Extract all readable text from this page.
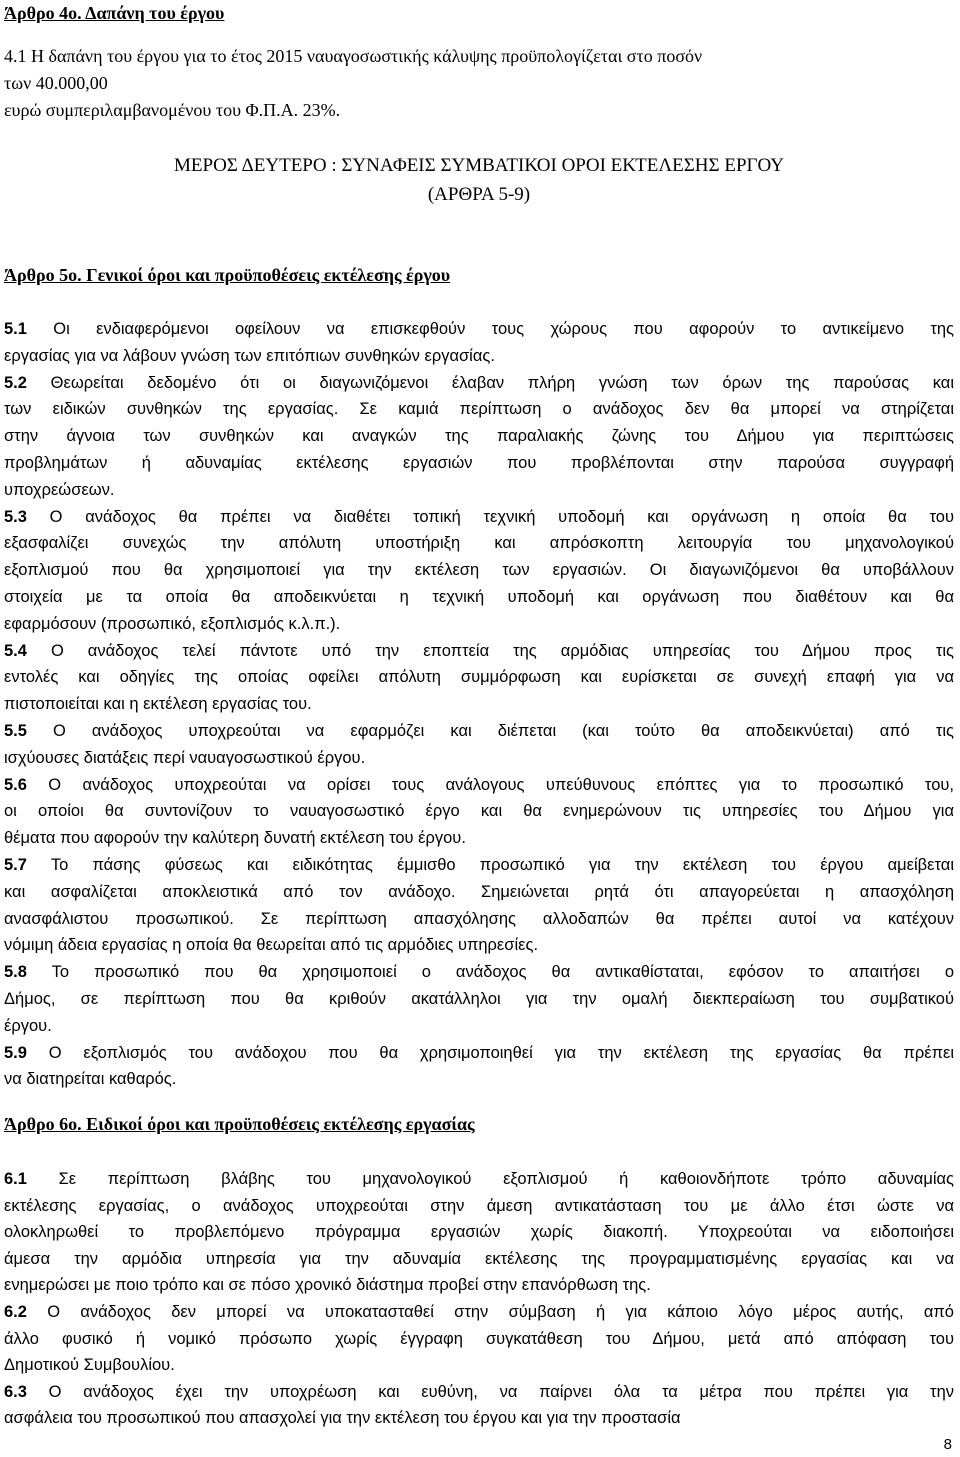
Άρθρο 4ο. Δαπάνη του έργου
4.1 Η δαπάνη του έργου για το έτος 2015 ναυαγοσωστικής κάλυψης προϋπολογίζεται στο ποσόν
των 40.000,00
ευρώ συμπεριλαμβανομένου του Φ.Π.Α. 23%.
ΜΕΡΟΣ ΔΕΥΤΕΡΟ : ΣΥΝΑΦΕΙΣ ΣΥΜΒΑΤΙΚΟΙ ΟΡΟΙ ΕΚΤΕΛΕΣΗΣ ΕΡΓΟΥ
(ΑΡΘΡΑ 5-9)
Άρθρο 5ο. Γενικοί όροι και προϋποθέσεις εκτέλεσης έργου
5.1 Οι ενδιαφερόμενοι οφείλουν να επισκεφθούν τους χώρους που αφορούν το αντικείμενο της
εργασίας για να λάβουν γνώση των επιτόπιων συνθηκών εργασίας.
5.2 Θεωρείται δεδομένο ότι οι διαγωνιζόμενοι έλαβαν πλήρη γνώση των όρων της παρούσας και
των ειδικών συνθηκών της εργασίας. Σε καμιά περίπτωση ο ανάδοχος δεν θα μπορεί να στηρίζεται
στην άγνοια των συνθηκών και αναγκών της παραλιακής ζώνης του Δήμου για περιπτώσεις
προβλημάτων ή αδυναμίας εκτέλεσης εργασιών που προβλέπονται στην παρούσα συγγραφή
υποχρεώσεων.
5.3 Ο ανάδοχος θα πρέπει να διαθέτει τοπική τεχνική υποδομή και οργάνωση η οποία θα του
εξασφαλίζει συνεχώς την απόλυτη υποστήριξη και απρόσκοπτη λειτουργία του μηχανολογικού
εξοπλισμού που θα χρησιμοποιεί για την εκτέλεση των εργασιών. Οι διαγωνιζόμενοι θα υποβάλλουν
στοιχεία με τα οποία θα αποδεικνύεται η τεχνική υποδομή και οργάνωση που διαθέτουν και θα
εφαρμόσουν (προσωπικό, εξοπλισμός κ.λ.π.).
5.4 Ο ανάδοχος τελεί πάντοτε υπό την εποπτεία της αρμόδιας υπηρεσίας του Δήμου προς τις
εντολές και οδηγίες της οποίας οφείλει απόλυτη συμμόρφωση και ευρίσκεται σε συνεχή επαφή για να
πιστοποιείται και η εκτέλεση εργασίας του.
5.5 Ο ανάδοχος υποχρεούται να εφαρμόζει και διέπεται (και τούτο θα αποδεικνύεται) από τις
ισχύουσες διατάξεις περί ναυαγοσωστικού έργου.
5.6 Ο ανάδοχος υποχρεούται να ορίσει τους ανάλογους υπεύθυνους επόπτες για το προσωπικό του,
οι οποίοι θα συντονίζουν το ναυαγοσωστικό έργο και θα ενημερώνουν τις υπηρεσίες του Δήμου για
θέματα που αφορούν την καλύτερη δυνατή εκτέλεση του έργου.
5.7 Το πάσης φύσεως και ειδικότητας έμμισθο προσωπικό για την εκτέλεση του έργου αμείβεται
και ασφαλίζεται αποκλειστικά από τον ανάδοχο. Σημειώνεται ρητά ότι απαγορεύεται η απασχόληση
ανασφάλιστου προσωπικού. Σε περίπτωση απασχόλησης αλλοδαπών θα πρέπει αυτοί να κατέχουν
νόμιμη άδεια εργασίας η οποία θα θεωρείται από τις αρμόδιες υπηρεσίες.
5.8 Το προσωπικό που θα χρησιμοποιεί ο ανάδοχος θα αντικαθίσταται, εφόσον το απαιτήσει ο
Δήμος, σε περίπτωση που θα κριθούν ακατάλληλοι για την ομαλή διεκπεραίωση του συμβατικού
έργου.
5.9 Ο εξοπλισμός του ανάδοχου που θα χρησιμοποιηθεί για την εκτέλεση της εργασίας θα πρέπει
να διατηρείται καθαρός.
Άρθρο 6ο. Ειδικοί όροι και προϋποθέσεις εκτέλεσης εργασίας
6.1 Σε περίπτωση βλάβης του μηχανολογικού εξοπλισμού ή καθοιονδήποτε τρόπο αδυναμίας
εκτέλεσης εργασίας, ο ανάδοχος υποχρεούται στην άμεση αντικατάσταση του με άλλο έτσι ώστε να
ολοκληρωθεί το προβλεπόμενο πρόγραμμα εργασιών χωρίς διακοπή. Υποχρεούται να ειδοποιήσει
άμεσα την αρμόδια υπηρεσία για την αδυναμία εκτέλεσης της προγραμματισμένης εργασίας και να
ενημερώσει με ποιο τρόπο και σε πόσο χρονικό διάστημα προβεί στην επανόρθωση της.
6.2 Ο ανάδοχος δεν μπορεί να υποκατασταθεί στην σύμβαση ή για κάποιο λόγο μέρος αυτής, από
άλλο φυσικό ή νομικό πρόσωπο χωρίς έγγραφη συγκατάθεση του Δήμου, μετά από απόφαση του
Δημοτικού Συμβουλίου.
6.3 Ο ανάδοχος έχει την υποχρέωση και ευθύνη, να παίρνει όλα τα μέτρα που πρέπει για την
ασφάλεια του προσωπικού που απασχολεί για την εκτέλεση του έργου και για την προστασία
8
